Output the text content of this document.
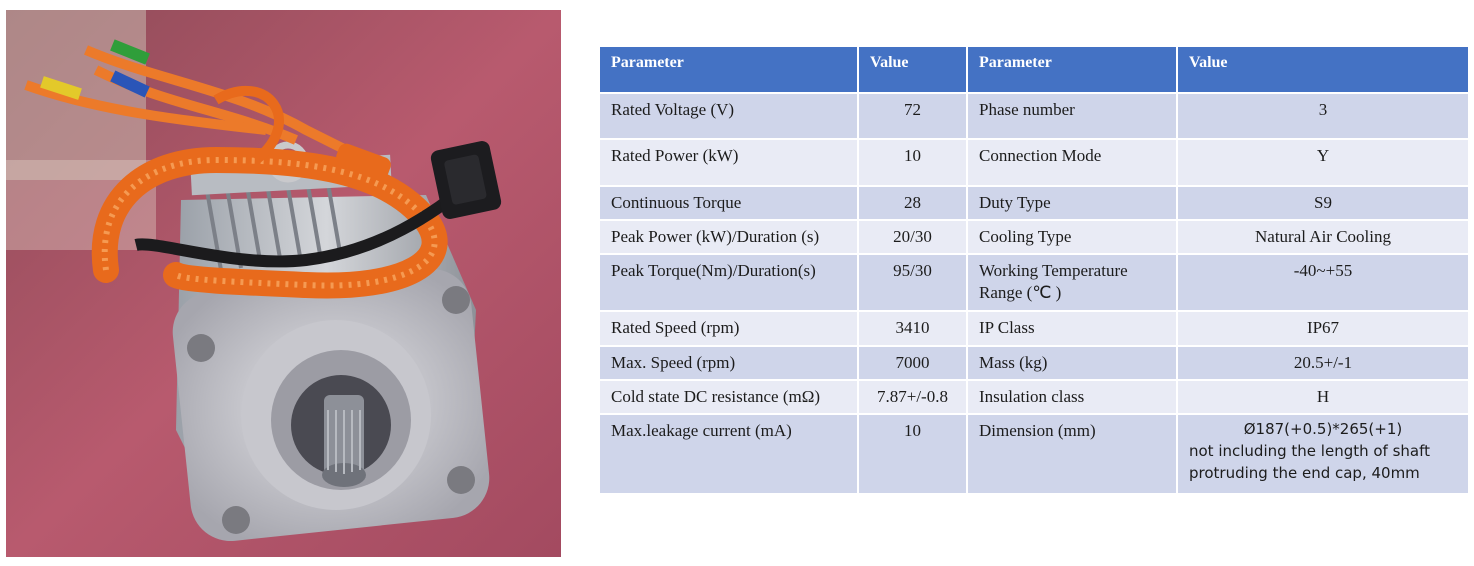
Parameter	Value	Parameter	Value
Rated Voltage (V)	72	Phase number	3
Rated Power (kW)	10	Connection Mode	Y
Continuous Torque	28	Duty Type	S9
Peak Power (kW)/Duration (s)	20/30	Cooling Type	Natural Air Cooling
Peak Torque(Nm)/Duration(s)	95/30	Working Temperature Range (℃ )	-40~+55
Rated Speed (rpm)	3410	IP Class	IP67
Max. Speed (rpm)	7000	Mass (kg)	20.5+/-1
Cold state DC resistance (mΩ)	7.87+/-0.8	Insulation class	H
Max.leakage current (mA)	10	Dimension (mm)	Ø187(+0.5)*265(+1)
not including the length of shaft
protruding the end cap, 40mm
